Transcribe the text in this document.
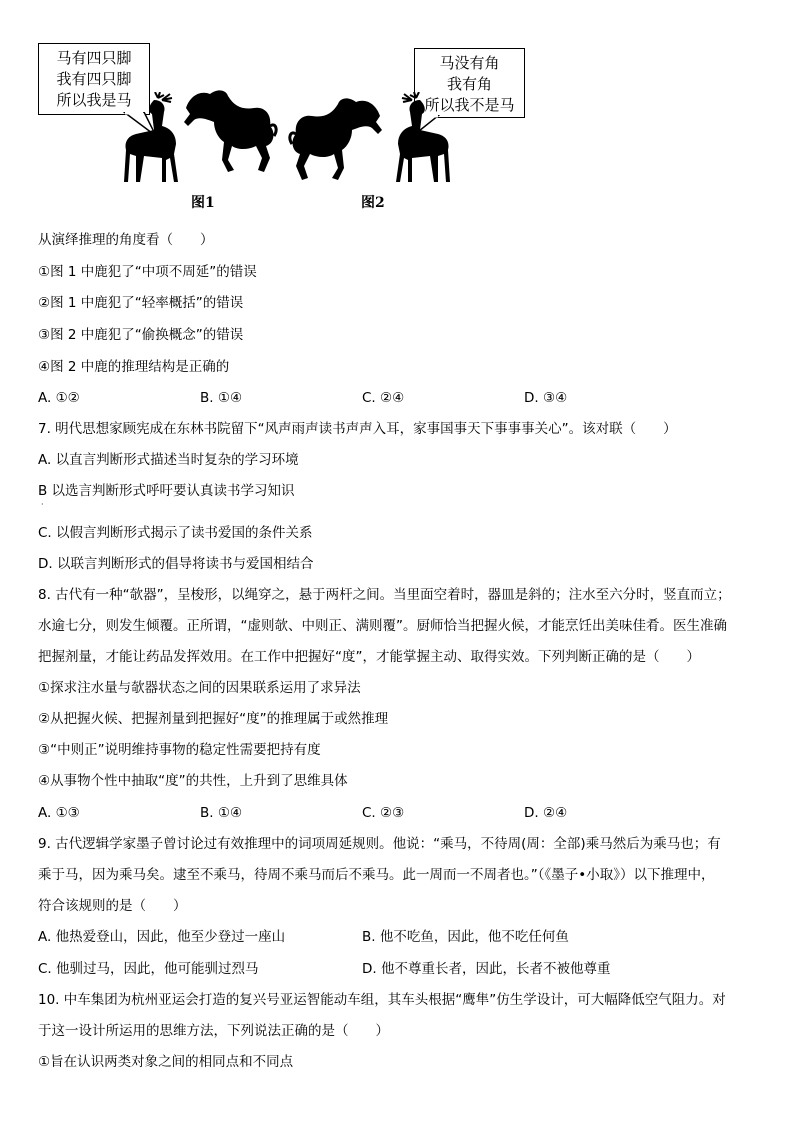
马有四只脚
我有四只脚
所以我是马
马没有角
我有角
所以我不是马
图1	图2
从演绎推理的角度看（　　）
①图 1 中鹿犯了“中项不周延”的错误
②图 1 中鹿犯了“轻率概括”的错误
③图 2 中鹿犯了“偷换概念”的错误
④图 2 中鹿的推理结构是正确的
A. ①②	B. ①④	C. ②④	D. ③④
7. 明代思想家顾宪成在东林书院留下“风声雨声读书声声入耳，家事国事天下事事事关心”。该对联（　　）
A. 以直言判断形式描述当时复杂的学习环境
B 以选言判断形式呼吁要认真读书学习知识
·
C. 以假言判断形式揭示了读书爱国的条件关系
D. 以联言判断形式的倡导将读书与爱国相结合
8. 古代有一种“欹器”，呈梭形，以绳穿之，悬于两杆之间。当里面空着时，器皿是斜的；注水至六分时，竖直而立；
水逾七分，则发生倾覆。正所谓，“虚则欹、中则正、满则覆”。厨师恰当把握火候，才能烹饪出美味佳肴。医生准确
把握剂量，才能让药品发挥效用。在工作中把握好“度”，才能掌握主动、取得实效。下列判断正确的是（　　）
①探求注水量与欹器状态之间的因果联系运用了求异法
②从把握火候、把握剂量到把握好“度”的推理属于或然推理
③“中则正”说明维持事物的稳定性需要把持有度
④从事物个性中抽取“度”的共性，上升到了思维具体
A. ①③	B. ①④	C. ②③	D. ②④
9. 古代逻辑学家墨子曾讨论过有效推理中的词项周延规则。他说：“乘马，不待周(周：全部)乘马然后为乘马也；有
乘于马，因为乘马矣。逮至不乘马，待周不乘马而后不乘马。此一周而一不周者也。”（《墨子•小取》）以下推理中，
符合该规则的是（　　）
A. 他热爱登山，因此，他至少登过一座山	B. 他不吃鱼，因此，他不吃任何鱼
C. 他驯过马，因此，他可能驯过烈马	D. 他不尊重长者，因此，长者不被他尊重
10. 中车集团为杭州亚运会打造的复兴号亚运智能动车组，其车头根据“鹰隼”仿生学设计，可大幅降低空气阻力。对
于这一设计所运用的思维方法，下列说法正确的是（　　）
①旨在认识两类对象之间的相同点和不同点
